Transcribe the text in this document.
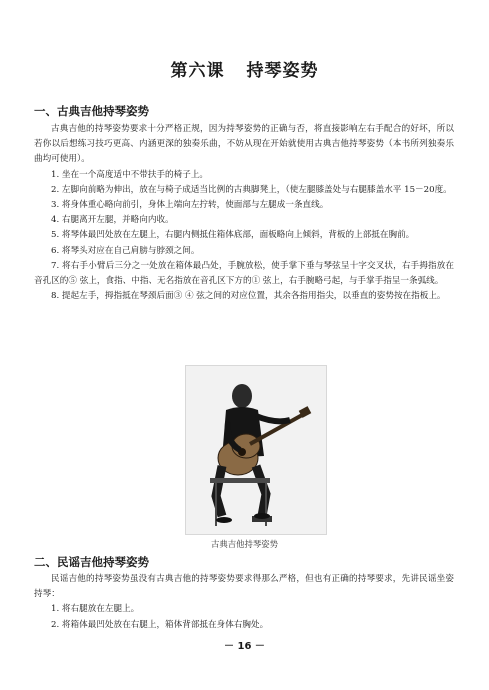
第六课 持琴姿势
一、古典吉他持琴姿势

古典吉他的持琴姿势要求十分严格正规，因为持琴姿势的正确与否，将直接影响左右手配合的好坏，所以若你以后想练习技巧更高、内涵更深的独奏乐曲，不妨从现在开始就使用古典吉他持琴姿势（本书所列独奏乐曲均可使用）。

1. 坐在一个高度适中不带扶手的椅子上。

2. 左脚向前略为伸出，放在与椅子成适当比例的古典脚凳上，（使左腿膝盖处与右腿膝盖水平 15－20度。

3. 将身体重心略向前引，身体上端向左拧转，使面部与左腿成一条直线。

4. 右腿离开左腿，并略向内收。

5. 将琴体最凹处放在左腿上，右腿内侧抵住箱体底部，面板略向上倾斜，背板的上部抵在胸前。

6. 将琴头对应在自己肩膀与脖颈之间。

7. 将右手小臂后三分之一处放在箱体最凸处，手腕放松，使手掌下垂与琴弦呈十字交叉状，右手拇指放在音孔区的⑤ 弦上，食指、中指、无名指放在音孔区下方的① 弦上，右手腕略弓起，与手掌手指呈一条弧线。

8. 提起左手，拇指抵在琴颈后面③ ④ 弦之间的对应位置，其余各指用指尖，以垂直的姿势按在指板上。

古典吉他持琴姿势
二、民谣吉他持琴姿势

民谣吉他的持琴姿势虽没有古典吉他的持琴姿势要求得那么严格，但也有正确的持琴要求，先讲民谣坐姿持琴：

1. 将右腿放在左腿上。

2. 将箱体最凹处放在右腿上，箱体背部抵在身体右胸处。

－ 16 －
